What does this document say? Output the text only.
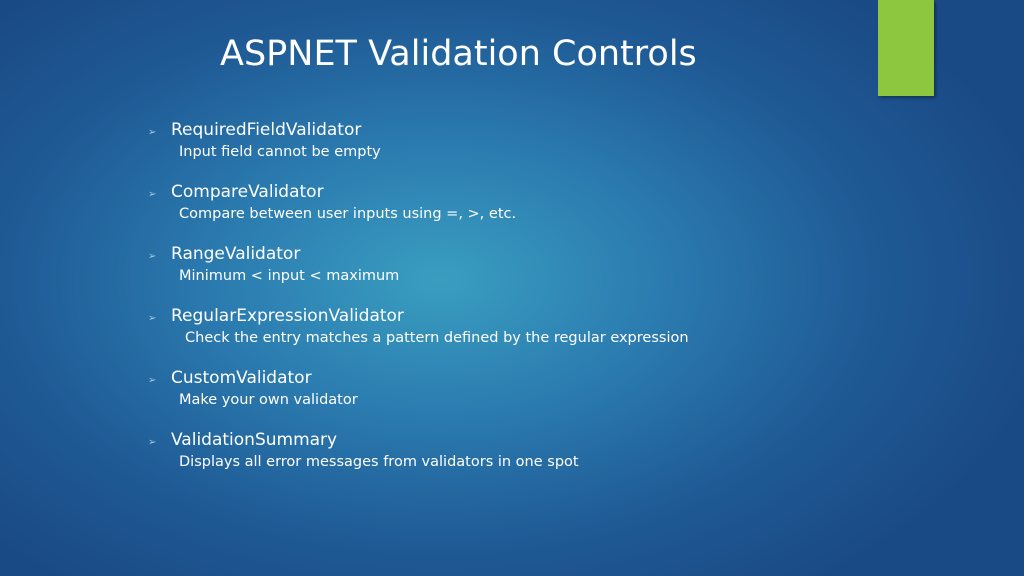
ASPNET Validation Controls
➢ RequiredFieldValidator
Input field cannot be empty
➢ CompareValidator
Compare between user inputs using =, >, etc.
➢ RangeValidator
Minimum < input < maximum
➢ RegularExpressionValidator
Check the entry matches a pattern defined by the regular expression
➢ CustomValidator
Make your own validator
➢ ValidationSummary
Displays all error messages from validators in one spot
